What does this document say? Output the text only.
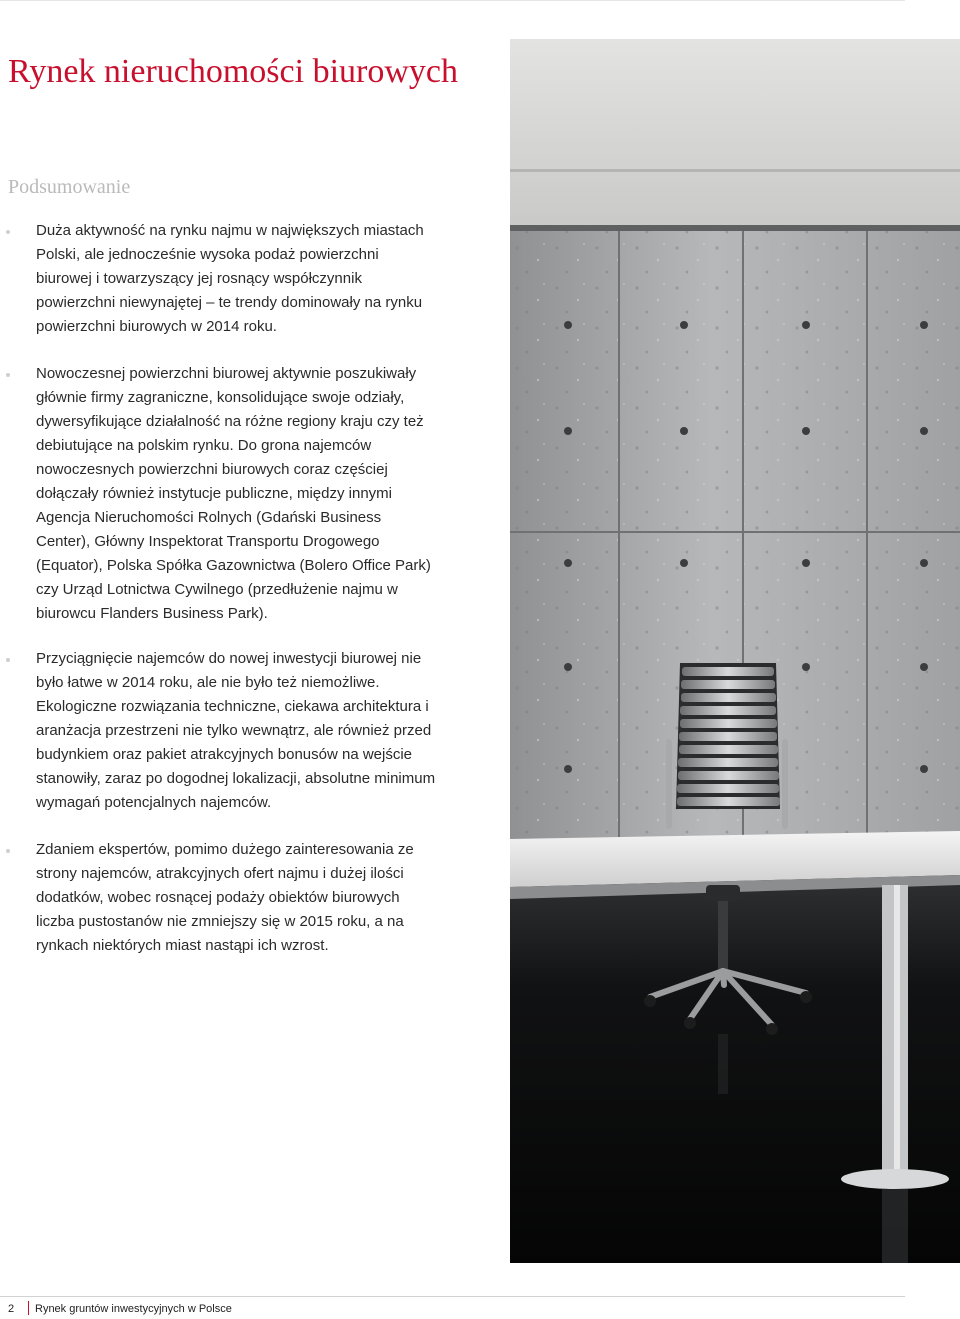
Rynek nieruchomości biurowych
Podsumowanie
Duża aktywność na rynku najmu w największych miastach Polski, ale jednocześnie wysoka podaż powierzchni biurowej i towarzyszący jej rosnący współczynnik powierzchni niewynajętej – te trendy dominowały na rynku powierzchni biurowych w 2014 roku.
Nowoczesnej powierzchni biurowej aktywnie poszukiwały głównie firmy zagraniczne, konsolidujące swoje odziały, dywersyfikujące działalność na różne regiony kraju czy też debiutujące na polskim rynku. Do grona najemców nowoczesnych powierzchni biurowych coraz częściej dołączały również instytucje publiczne, między innymi Agencja Nieruchomości Rolnych (Gdański Business Center), Główny Inspektorat Transportu Drogowego (Equator), Polska Spółka Gazownictwa (Bolero Office Park) czy Urząd Lotnictwa Cywilnego (przedłużenie najmu w biurowcu Flanders Business Park).
Przyciągnięcie najemców do nowej inwestycji biurowej nie było łatwe w 2014 roku, ale nie było też niemożliwe. Ekologiczne rozwiązania techniczne, ciekawa architektura i aranżacja przestrzeni nie tylko wewnątrz, ale również przed budynkiem oraz pakiet atrakcyjnych bonusów na wejście stanowiły, zaraz po dogodnej lokalizacji, absolutne minimum wymagań potencjalnych najemców.
Zdaniem ekspertów, pomimo dużego zainteresowania ze strony najemców, atrakcyjnych ofert najmu i dużej ilości dodatków, wobec rosnącej podaży obiektów biurowych liczba pustostanów nie zmniejszy się w 2015 roku, a na rynkach niektórych miast nastąpi ich wzrost.
2 Rynek gruntów inwestycyjnych w Polsce
